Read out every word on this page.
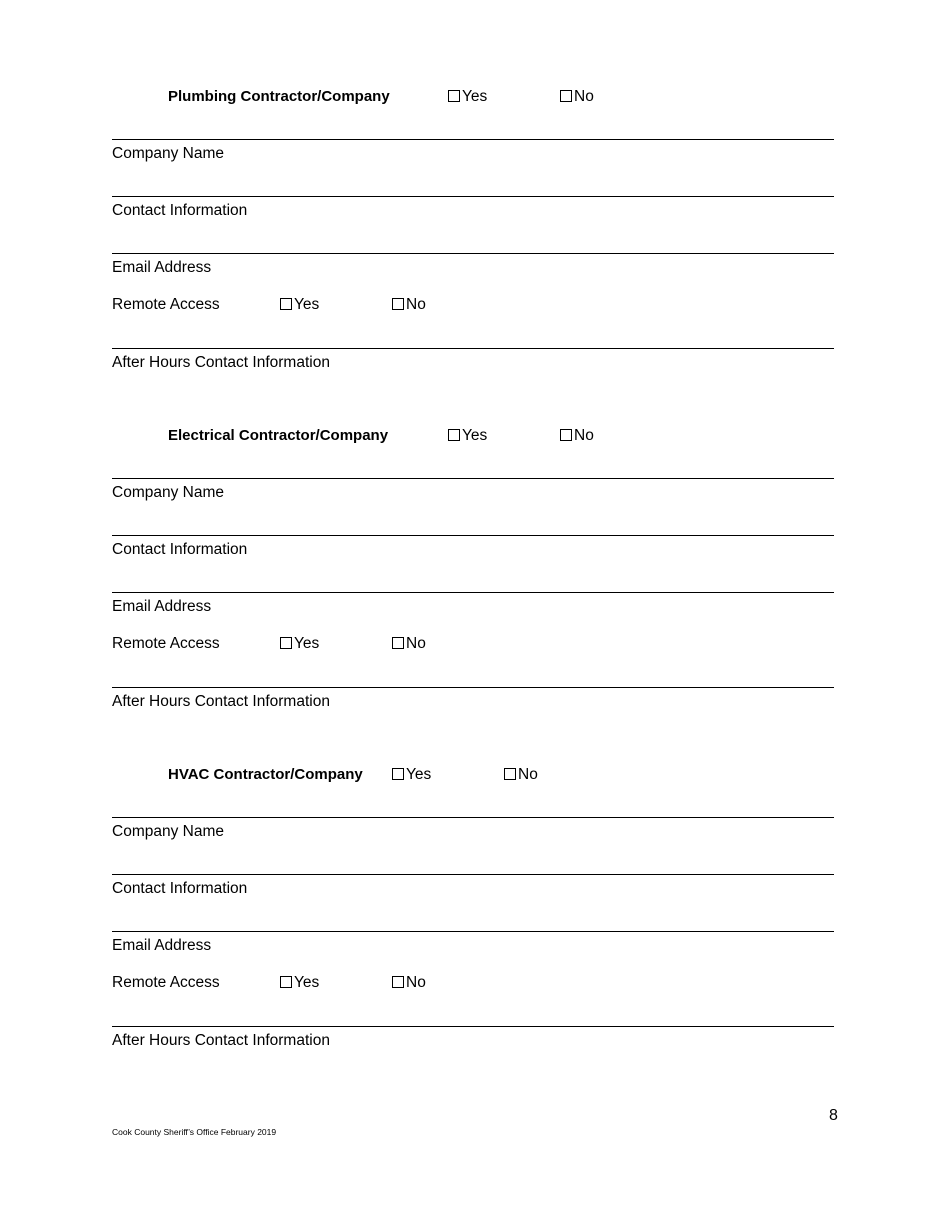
Plumbing Contractor/Company	Yes	No
Company Name
Contact Information
Email Address
Remote Access	Yes	No
After Hours Contact Information
Electrical Contractor/Company	Yes	No
Company Name
Contact Information
Email Address
Remote Access	Yes	No
After Hours Contact Information
HVAC Contractor/Company	Yes	No
Company Name
Contact Information
Email Address
Remote Access	Yes	No
After Hours Contact Information
8
Cook County Sheriff’s Office February 2019
